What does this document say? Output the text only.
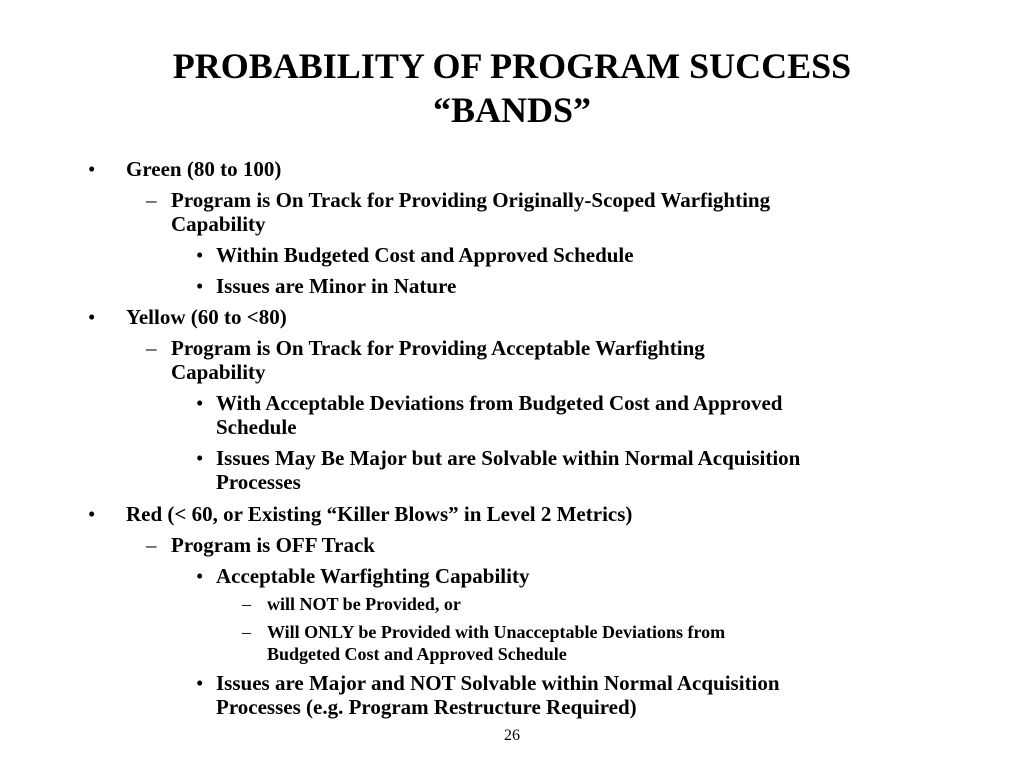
PROBABILITY OF PROGRAM SUCCESS
“BANDS”
• Green (80 to 100)
– Program is On Track for Providing Originally-Scoped Warfighting
Capability
• Within Budgeted Cost and Approved Schedule
• Issues are Minor in Nature
• Yellow (60 to <80)
– Program is On Track for Providing Acceptable Warfighting
Capability
• With Acceptable Deviations from Budgeted Cost and Approved
Schedule
• Issues May Be Major but are Solvable within Normal Acquisition
Processes
• Red (< 60, or Existing “Killer Blows” in Level 2 Metrics)
– Program is OFF Track
• Acceptable Warfighting Capability
– will NOT be Provided, or
– Will ONLY be Provided with Unacceptable Deviations from
Budgeted Cost and Approved Schedule
• Issues are Major and NOT Solvable within Normal Acquisition
Processes (e.g. Program Restructure Required)
26
